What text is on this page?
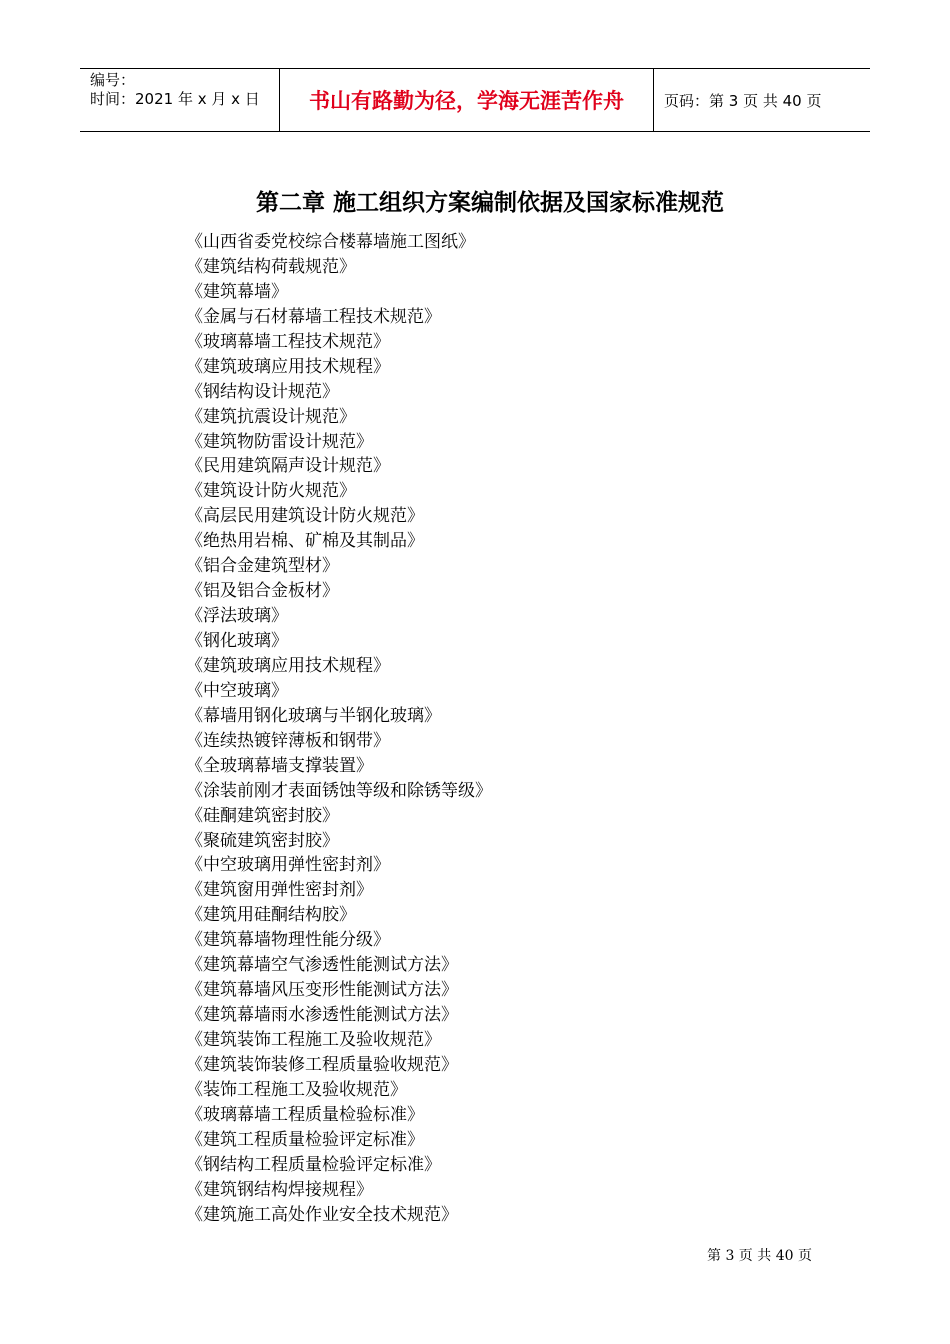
编号：
时间：2021 年 x 月 x 日	书山有路勤为径，学海无涯苦作舟	页码：第 3 页 共 40 页
第二章 施工组织方案编制依据及国家标准规范
《山西省委党校综合楼幕墙施工图纸》
《建筑结构荷载规范》
《建筑幕墙》
《金属与石材幕墙工程技术规范》
《玻璃幕墙工程技术规范》
《建筑玻璃应用技术规程》
《钢结构设计规范》
《建筑抗震设计规范》
《建筑物防雷设计规范》
《民用建筑隔声设计规范》
《建筑设计防火规范》
《高层民用建筑设计防火规范》
《绝热用岩棉、矿棉及其制品》
《铝合金建筑型材》
《铝及铝合金板材》
《浮法玻璃》
《钢化玻璃》
《建筑玻璃应用技术规程》
《中空玻璃》
《幕墙用钢化玻璃与半钢化玻璃》
《连续热镀锌薄板和钢带》
《全玻璃幕墙支撑装置》
《涂装前刚才表面锈蚀等级和除锈等级》
《硅酮建筑密封胶》
《聚硫建筑密封胶》
《中空玻璃用弹性密封剂》
《建筑窗用弹性密封剂》
《建筑用硅酮结构胶》
《建筑幕墙物理性能分级》
《建筑幕墙空气渗透性能测试方法》
《建筑幕墙风压变形性能测试方法》
《建筑幕墙雨水渗透性能测试方法》
《建筑装饰工程施工及验收规范》
《建筑装饰装修工程质量验收规范》
《装饰工程施工及验收规范》
《玻璃幕墙工程质量检验标准》
《建筑工程质量检验评定标准》
《钢结构工程质量检验评定标准》
《建筑钢结构焊接规程》
《建筑施工高处作业安全技术规范》
第 3 页 共 40 页
